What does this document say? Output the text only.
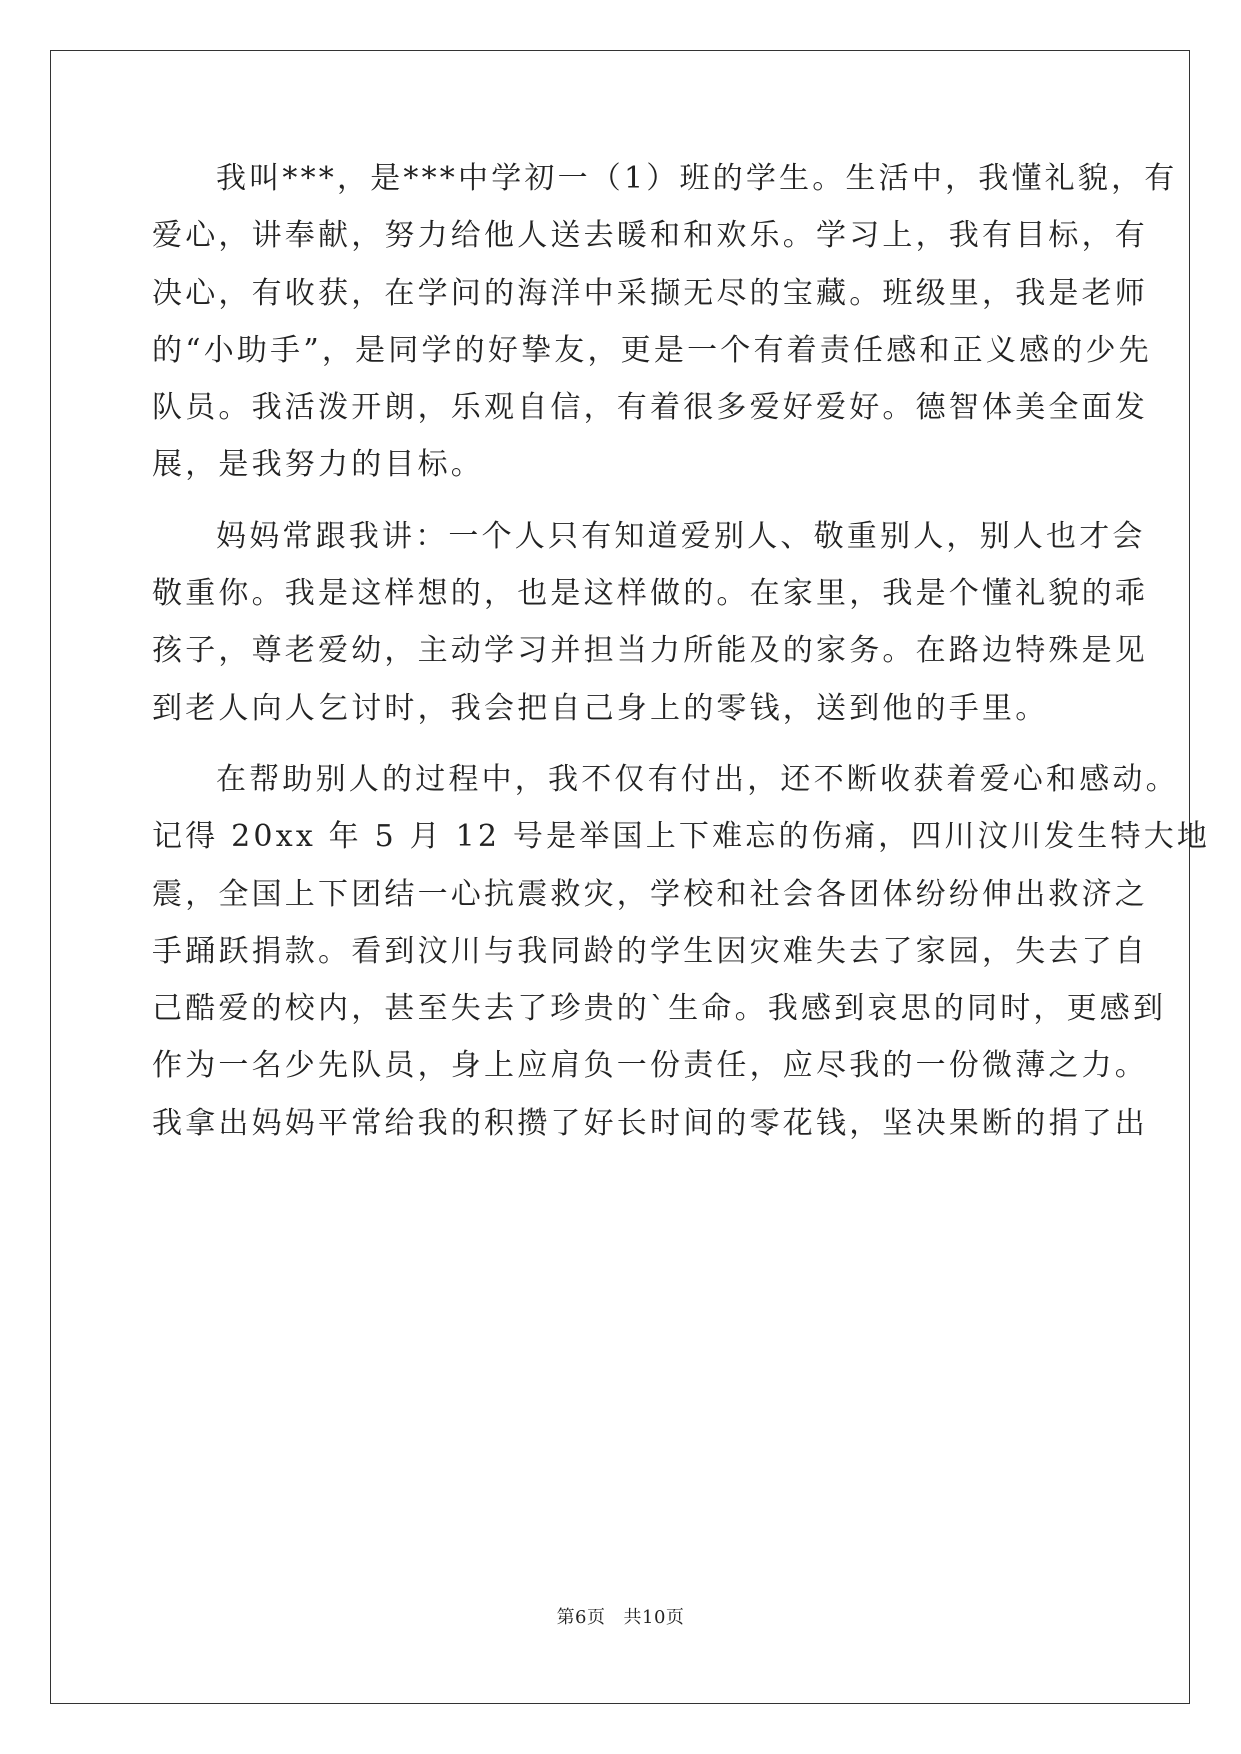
我叫***，是***中学初一（1）班的学生。生活中，我懂礼貌，有
爱心，讲奉献，努力给他人送去暖和和欢乐。学习上，我有目标，有
决心，有收获，在学问的海洋中采撷无尽的宝藏。班级里，我是老师
的“小助手”，是同学的好挚友，更是一个有着责任感和正义感的少先
队员。我活泼开朗，乐观自信，有着很多爱好爱好。德智体美全面发
展，是我努力的目标。

妈妈常跟我讲：一个人只有知道爱别人、敬重别人，别人也才会
敬重你。我是这样想的，也是这样做的。在家里，我是个懂礼貌的乖
孩子，尊老爱幼，主动学习并担当力所能及的家务。在路边特殊是见
到老人向人乞讨时，我会把自己身上的零钱，送到他的手里。

在帮助别人的过程中，我不仅有付出，还不断收获着爱心和感动。
记得 20xx 年 5 月 12 号是举国上下难忘的伤痛，四川汶川发生特大地
震，全国上下团结一心抗震救灾，学校和社会各团体纷纷伸出救济之
手踊跃捐款。看到汶川与我同龄的学生因灾难失去了家园，失去了自
己酷爱的校内，甚至失去了珍贵的`生命。我感到哀思的同时，更感到
作为一名少先队员，身上应肩负一份责任，应尽我的一份微薄之力。
我拿出妈妈平常给我的积攒了好长时间的零花钱，坚决果断的捐了出

第6页 共10页
